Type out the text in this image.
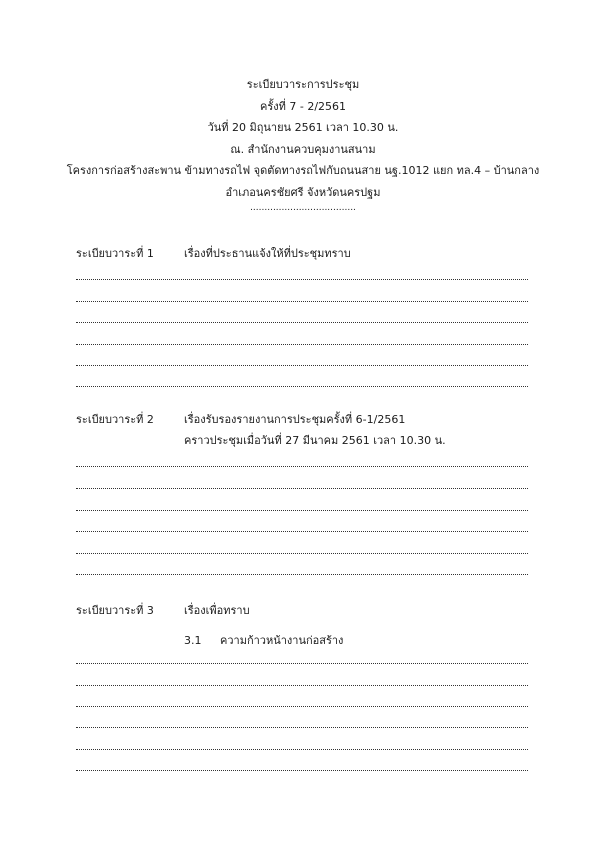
ระเบียบวาระการประชุม
ครั้งที่ 7 - 2/2561
วันที่ 20 มิถุนายน 2561 เวลา 10.30 น.
ณ. สำนักงานควบคุมงานสนาม
โครงการก่อสร้างสะพาน ข้ามทางรถไฟ จุดตัดทางรถไฟกับถนนสาย นฐ.1012 แยก ทล.4 – บ้านกลาง
อำเภอนครชัยศรี จังหวัดนครปฐม
.....................................
ระเบียบวาระที่ 1	เรื่องที่ประธานแจ้งให้ที่ประชุมทราบ
ระเบียบวาระที่ 2	เรื่องรับรองรายงานการประชุมครั้งที่ 6-1/2561
คราวประชุมเมื่อวันที่ 27 มีนาคม 2561 เวลา 10.30 น.
ระเบียบวาระที่ 3	เรื่องเพื่อทราบ
3.1 ความก้าวหน้างานก่อสร้าง
